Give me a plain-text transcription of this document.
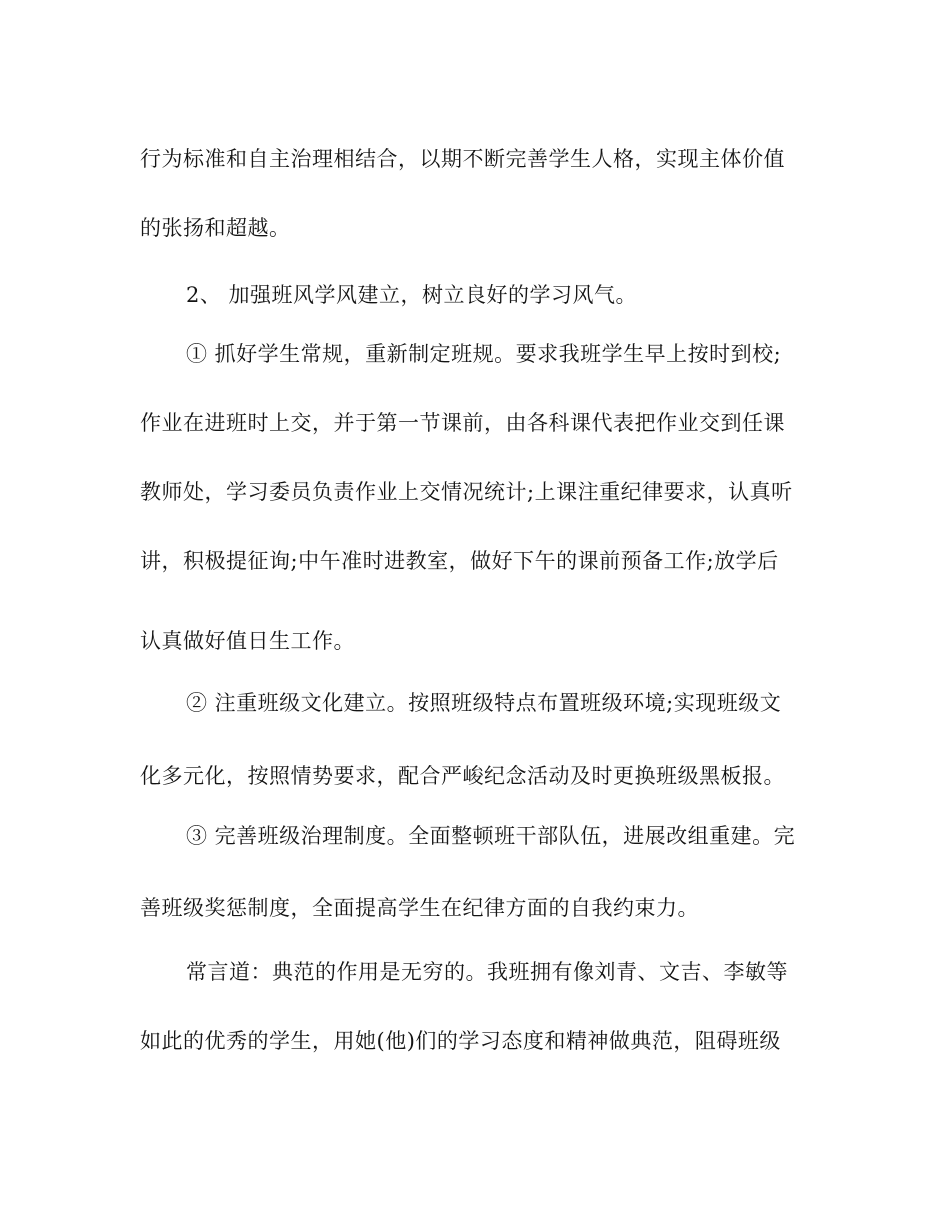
行为标准和自主治理相结合，以期不断完善学生人格，实现主体价值

的张扬和超越。

2、 加强班风学风建立，树立良好的学习风气。

① 抓好学生常规，重新制定班规。要求我班学生早上按时到校;

作业在进班时上交，并于第一节课前，由各科课代表把作业交到任课

教师处，学习委员负责作业上交情况统计;上课注重纪律要求，认真听

讲，积极提征询;中午准时进教室，做好下午的课前预备工作;放学后

认真做好值日生工作。

② 注重班级文化建立。按照班级特点布置班级环境;实现班级文

化多元化，按照情势要求，配合严峻纪念活动及时更换班级黑板报。

③ 完善班级治理制度。全面整顿班干部队伍，进展改组重建。完

善班级奖惩制度，全面提高学生在纪律方面的自我约束力。

常言道：典范的作用是无穷的。我班拥有像刘青、文吉、李敏等

如此的优秀的学生，用她(他)们的学习态度和精神做典范，阻碍班级
